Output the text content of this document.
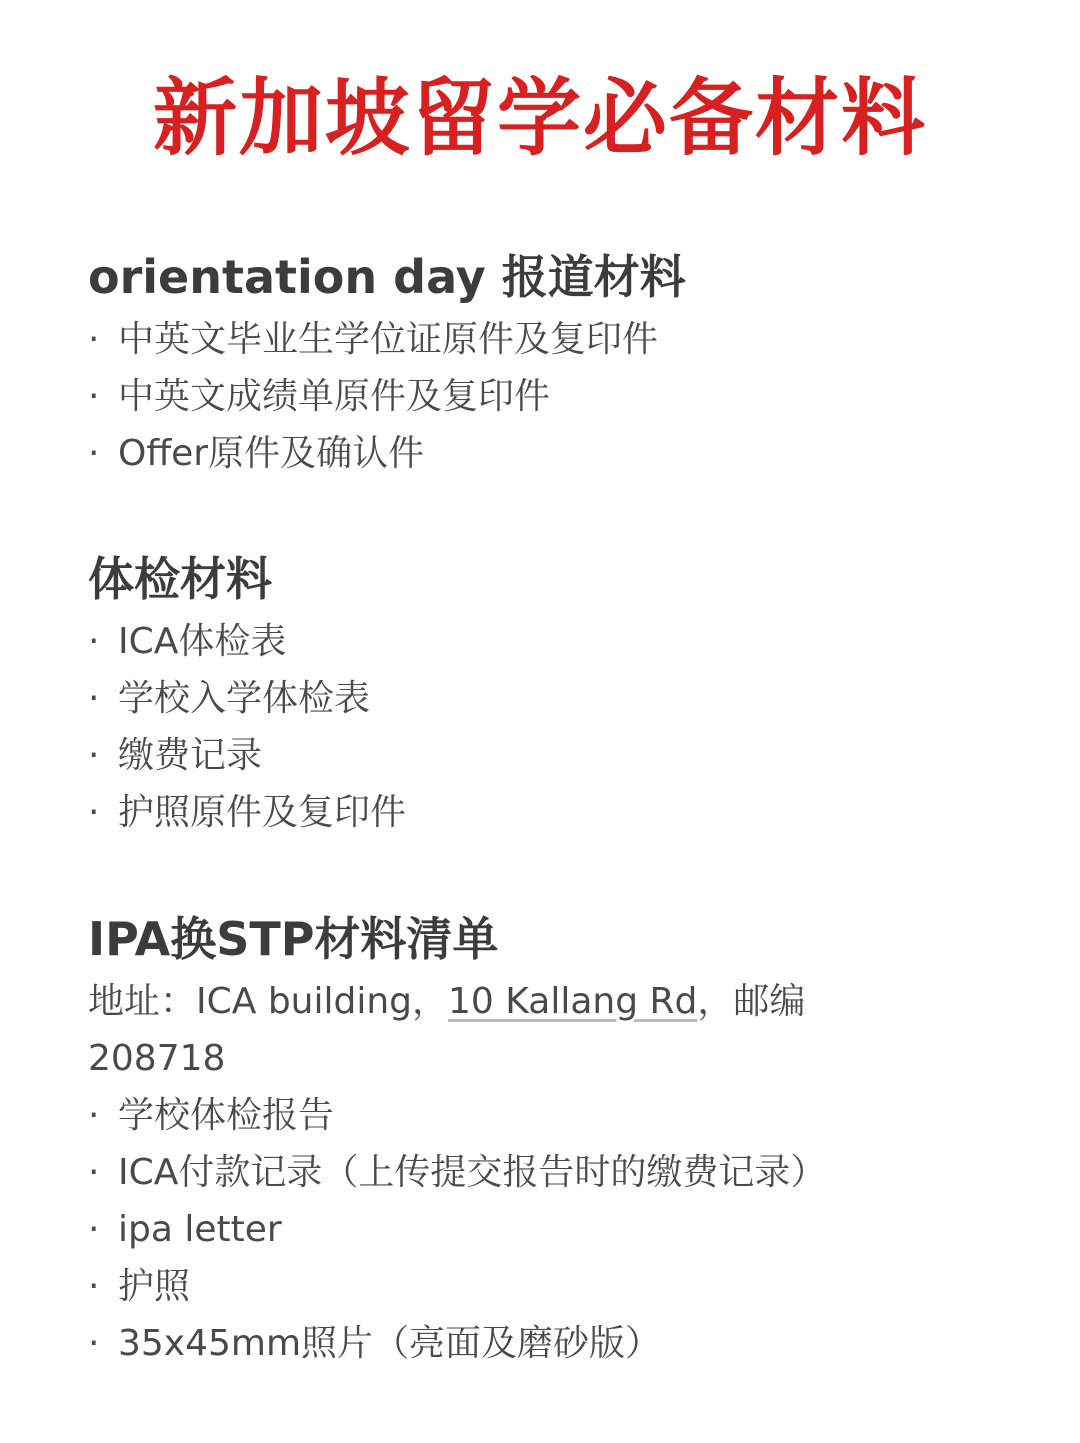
新加坡留学必备材料
orientation day 报道材料
· 中英文毕业生学位证原件及复印件
· 中英文成绩单原件及复印件
· Offer原件及确认件
体检材料
· ICA体检表
· 学校入学体检表
· 缴费记录
· 护照原件及复印件
IPA换STP材料清单
地址：ICA building，10 Kallang Rd，邮编
208718
· 学校体检报告
· ICA付款记录（上传提交报告时的缴费记录）
· ipa letter
· 护照
· 35x45mm照片（亮面及磨砂版）
